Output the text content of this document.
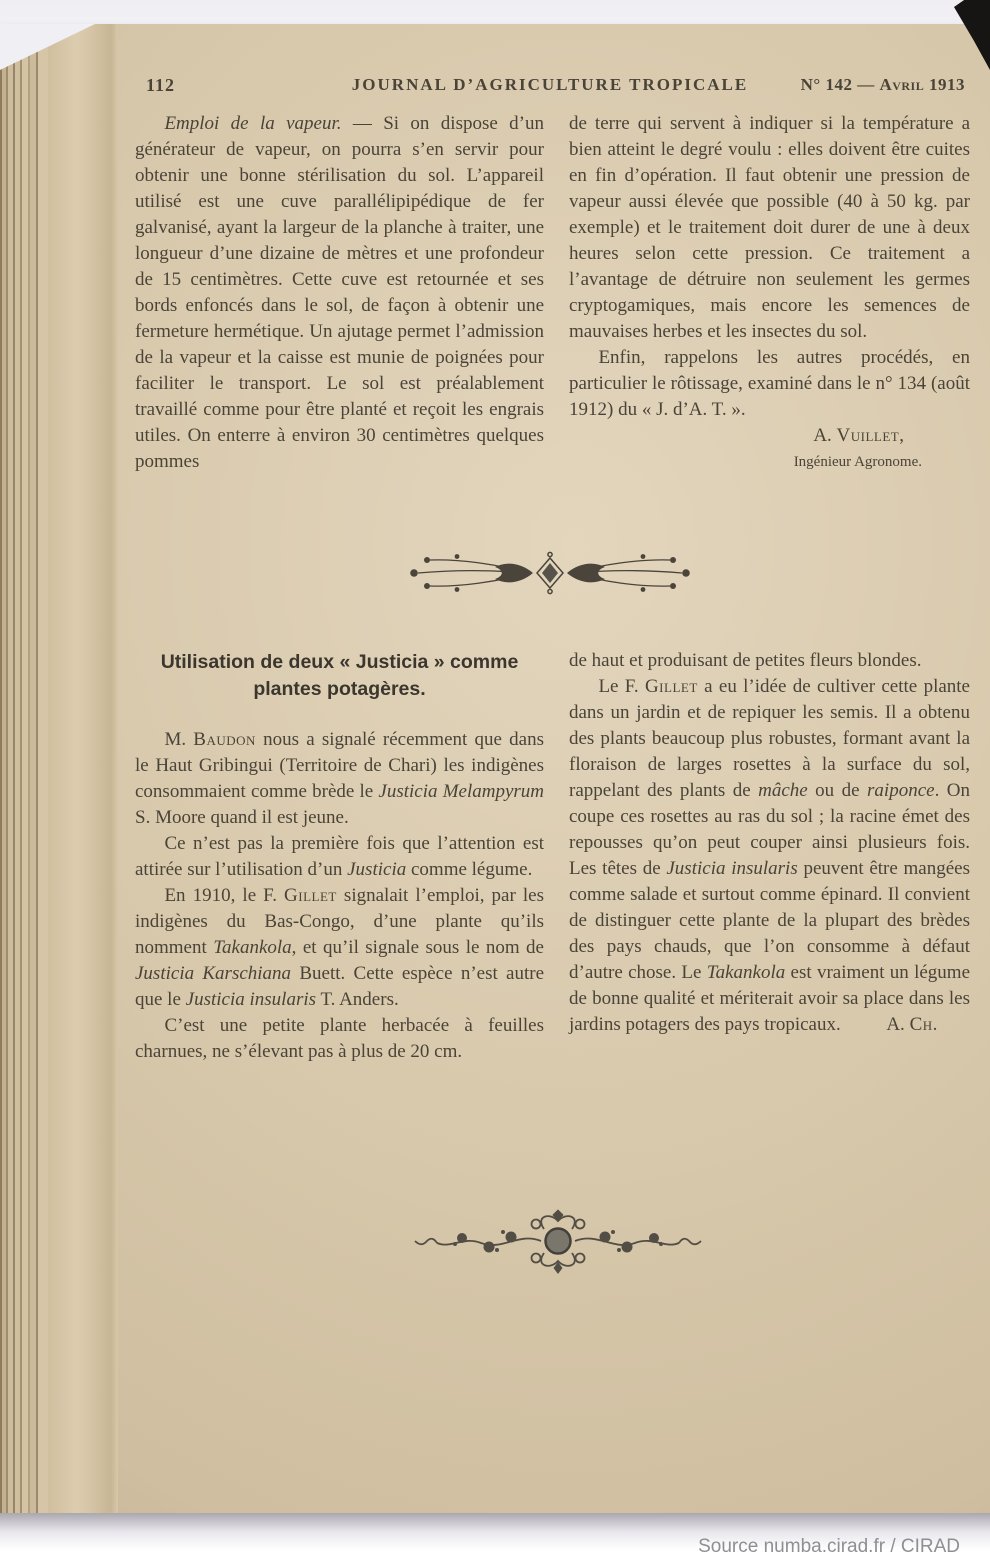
112	JOURNAL D’AGRICULTURE TROPICALE	N° 142 — Avril 1913

Emploi de la vapeur. — Si on dispose d’un générateur de vapeur, on pourra s’en servir pour obtenir une bonne stérilisation du sol. L’appareil utilisé est une cuve parallélipipédique de fer galvanisé, ayant la largeur de la planche à traiter, une longueur d’une dizaine de mètres et une profondeur de 15 centimètres. Cette cuve est retournée et ses bords enfoncés dans le sol, de façon à obtenir une fermeture hermétique. Un ajutage permet l’admission de la vapeur et la caisse est munie de poignées pour faciliter le transport. Le sol est préalablement travaillé comme pour être planté et reçoit les engrais utiles. On enterre à environ 30 centimètres quelques pommes

de terre qui servent à indiquer si la température a bien atteint le degré voulu : elles doivent être cuites en fin d’opération. Il faut obtenir une pression de vapeur aussi élevée que possible (40 à 50 kg. par exemple) et le traitement doit durer de une à deux heures selon cette pression. Ce traitement a l’avantage de détruire non seulement les germes cryptogamiques, mais encore les semences de mauvaises herbes et les insectes du sol.

Enfin, rappelons les autres procédés, en particulier le rôtissage, examiné dans le n° 134 (août 1912) du « J. d’A. T. ».

A. Vuillet,

Ingénieur Agronome.

Utilisation de deux « Justicia » comme plantes potagères.

M. Baudon nous a signalé récemment que dans le Haut Gribingui (Territoire de Chari) les indigènes consommaient comme brède le Justicia Melampyrum S. Moore quand il est jeune.

Ce n’est pas la première fois que l’attention est attirée sur l’utilisation d’un Justicia comme légume.

En 1910, le F. Gillet signalait l’emploi, par les indigènes du Bas-Congo, d’une plante qu’ils nomment Takankola, et qu’il signale sous le nom de Justicia Karschiana Buett. Cette espèce n’est autre que le Justicia insularis T. Anders.

C’est une petite plante herbacée à feuilles charnues, ne s’élevant pas à plus de 20 cm.

de haut et produisant de petites fleurs blondes.

Le F. Gillet a eu l’idée de cultiver cette plante dans un jardin et de repiquer les semis. Il a obtenu des plants beaucoup plus robustes, formant avant la floraison de larges rosettes à la surface du sol, rappelant des plants de mâche ou de raiponce. On coupe ces rosettes au ras du sol ; la racine émet des repousses qu’on peut couper ainsi plusieurs fois. Les têtes de Justicia insularis peuvent être mangées comme salade et surtout comme épinard. Il convient de distinguer cette plante de la plupart des brèdes des pays chauds, que l’on consomme à défaut d’autre chose. Le Takankola est vraiment un légume de bonne qualité et mériterait avoir sa place dans les jardins potagers des pays tropicaux. A. Ch.

Source numba.cirad.fr / CIRAD
